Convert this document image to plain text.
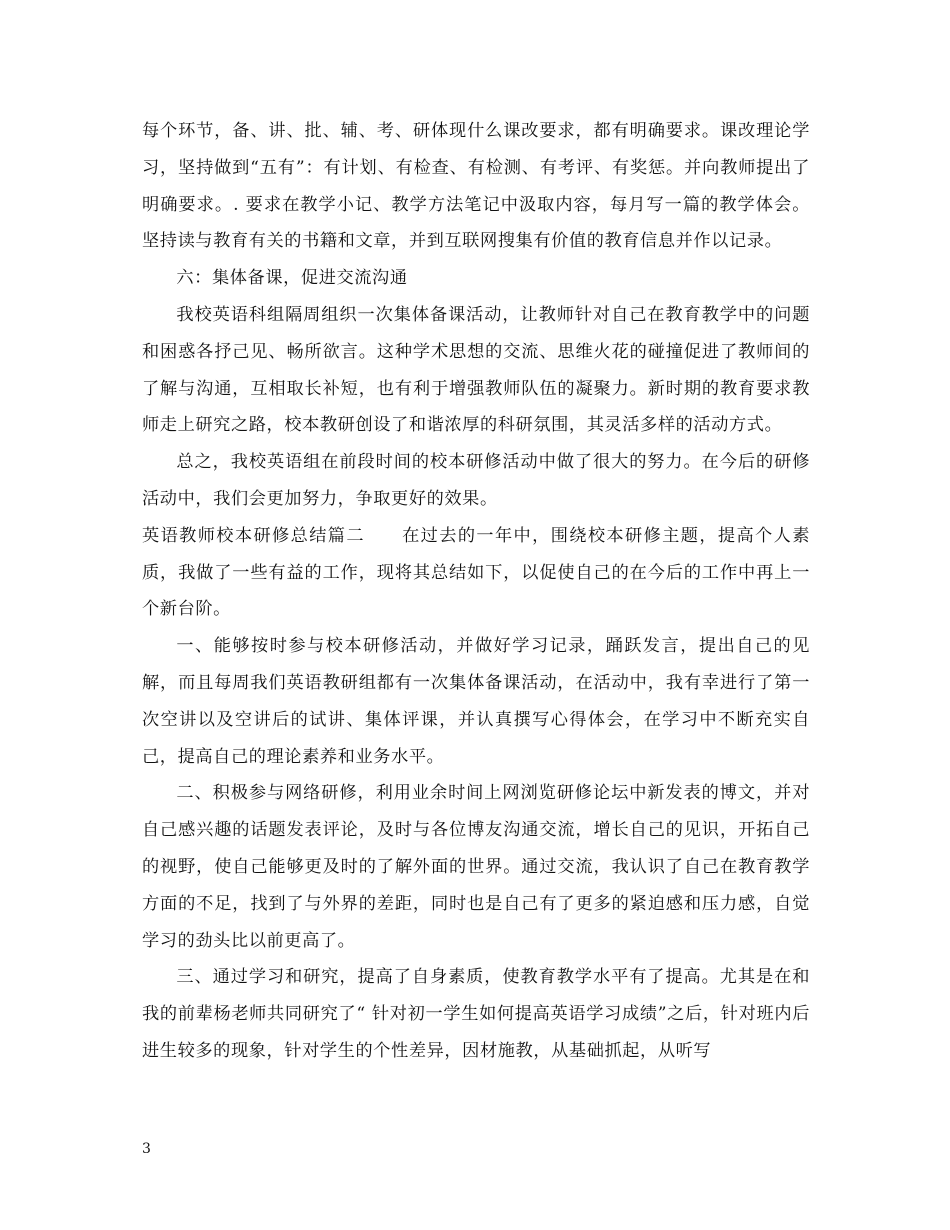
每个环节，备、讲、批、辅、考、研体现什么课改要求，都有明确要求。课改理论学习，坚持做到“五有”：有计划、有检查、有检测、有考评、有奖惩。并向教师提出了明确要求。. 要求在教学小记、教学方法笔记中汲取内容，每月写一篇的教学体会。坚持读与教育有关的书籍和文章，并到互联网搜集有价值的教育信息并作以记录。

六：集体备课，促进交流沟通

我校英语科组隔周组织一次集体备课活动，让教师针对自己在教育教学中的问题和困惑各抒己见、畅所欲言。这种学术思想的交流、思维火花的碰撞促进了教师间的了解与沟通，互相取长补短，也有利于增强教师队伍的凝聚力。新时期的教育要求教师走上研究之路，校本教研创设了和谐浓厚的科研氛围，其灵活多样的活动方式。

总之，我校英语组在前段时间的校本研修活动中做了很大的努力。在今后的研修活动中，我们会更加努力，争取更好的效果。

英语教师校本研修总结篇二　　在过去的一年中，围绕校本研修主题，提高个人素质，我做了一些有益的工作，现将其总结如下，以促使自己的在今后的工作中再上一个新台阶。

一、能够按时参与校本研修活动，并做好学习记录，踊跃发言，提出自己的见解，而且每周我们英语教研组都有一次集体备课活动，在活动中，我有幸进行了第一次空讲以及空讲后的试讲、集体评课，并认真撰写心得体会，在学习中不断充实自己，提高自己的理论素养和业务水平。

二、积极参与网络研修，利用业余时间上网浏览研修论坛中新发表的博文，并对自己感兴趣的话题发表评论，及时与各位博友沟通交流，增长自己的见识，开拓自己的视野，使自己能够更及时的了解外面的世界。通过交流，我认识了自己在教育教学方面的不足，找到了与外界的差距，同时也是自己有了更多的紧迫感和压力感，自觉学习的劲头比以前更高了。

三、通过学习和研究，提高了自身素质，使教育教学水平有了提高。尤其是在和我的前辈杨老师共同研究了“ 针对初一学生如何提高英语学习成绩”之后，针对班内后进生较多的现象，针对学生的个性差异，因材施教，从基础抓起，从听写

3
